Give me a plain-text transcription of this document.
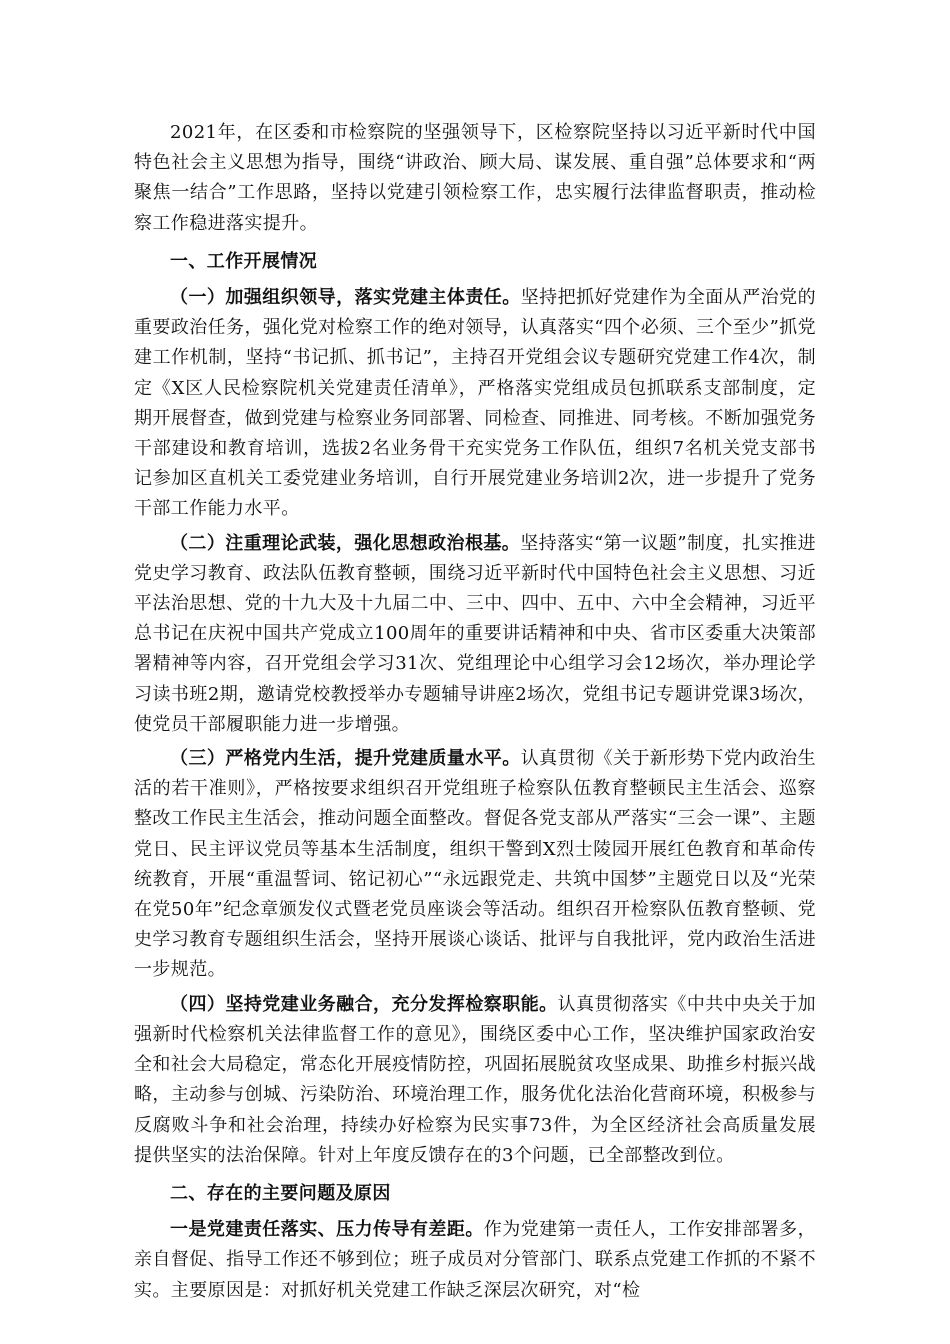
2021年，在区委和市检察院的坚强领导下，区检察院坚持以习近平新时代中国特色社会主义思想为指导，围绕“讲政治、顾大局、谋发展、重自强”总体要求和“两聚焦一结合”工作思路，坚持以党建引领检察工作，忠实履行法律监督职责，推动检察工作稳进落实提升。

一、工作开展情况

（一）加强组织领导，落实党建主体责任。坚持把抓好党建作为全面从严治党的重要政治任务，强化党对检察工作的绝对领导，认真落实“四个必须、三个至少”抓党建工作机制，坚持“书记抓、抓书记”，主持召开党组会议专题研究党建工作4次，制定《X区人民检察院机关党建责任清单》，严格落实党组成员包抓联系支部制度，定期开展督查，做到党建与检察业务同部署、同检查、同推进、同考核。不断加强党务干部建设和教育培训，选拔2名业务骨干充实党务工作队伍，组织7名机关党支部书记参加区直机关工委党建业务培训，自行开展党建业务培训2次，进一步提升了党务干部工作能力水平。

（二）注重理论武装，强化思想政治根基。坚持落实“第一议题”制度，扎实推进党史学习教育、政法队伍教育整顿，围绕习近平新时代中国特色社会主义思想、习近平法治思想、党的十九大及十九届二中、三中、四中、五中、六中全会精神，习近平总书记在庆祝中国共产党成立100周年的重要讲话精神和中央、省市区委重大决策部署精神等内容，召开党组会学习31次、党组理论中心组学习会12场次，举办理论学习读书班2期，邀请党校教授举办专题辅导讲座2场次，党组书记专题讲党课3场次，使党员干部履职能力进一步增强。

（三）严格党内生活，提升党建质量水平。认真贯彻《关于新形势下党内政治生活的若干准则》，严格按要求组织召开党组班子检察队伍教育整顿民主生活会、巡察整改工作民主生活会，推动问题全面整改。督促各党支部从严落实“三会一课”、主题党日、民主评议党员等基本生活制度，组织干警到X烈士陵园开展红色教育和革命传统教育，开展“重温誓词、铭记初心”“永远跟党走、共筑中国梦”主题党日以及“光荣在党50年”纪念章颁发仪式暨老党员座谈会等活动。组织召开检察队伍教育整顿、党史学习教育专题组织生活会，坚持开展谈心谈话、批评与自我批评，党内政治生活进一步规范。

（四）坚持党建业务融合，充分发挥检察职能。认真贯彻落实《中共中央关于加强新时代检察机关法律监督工作的意见》，围绕区委中心工作，坚决维护国家政治安全和社会大局稳定，常态化开展疫情防控，巩固拓展脱贫攻坚成果、助推乡村振兴战略，主动参与创城、污染防治、环境治理工作，服务优化法治化营商环境，积极参与反腐败斗争和社会治理，持续办好检察为民实事73件，为全区经济社会高质量发展提供坚实的法治保障。针对上年度反馈存在的3个问题，已全部整改到位。

二、存在的主要问题及原因

一是党建责任落实、压力传导有差距。作为党建第一责任人，工作安排部署多，亲自督促、指导工作还不够到位；班子成员对分管部门、联系点党建工作抓的不紧不实。主要原因是：对抓好机关党建工作缺乏深层次研究，对“检
